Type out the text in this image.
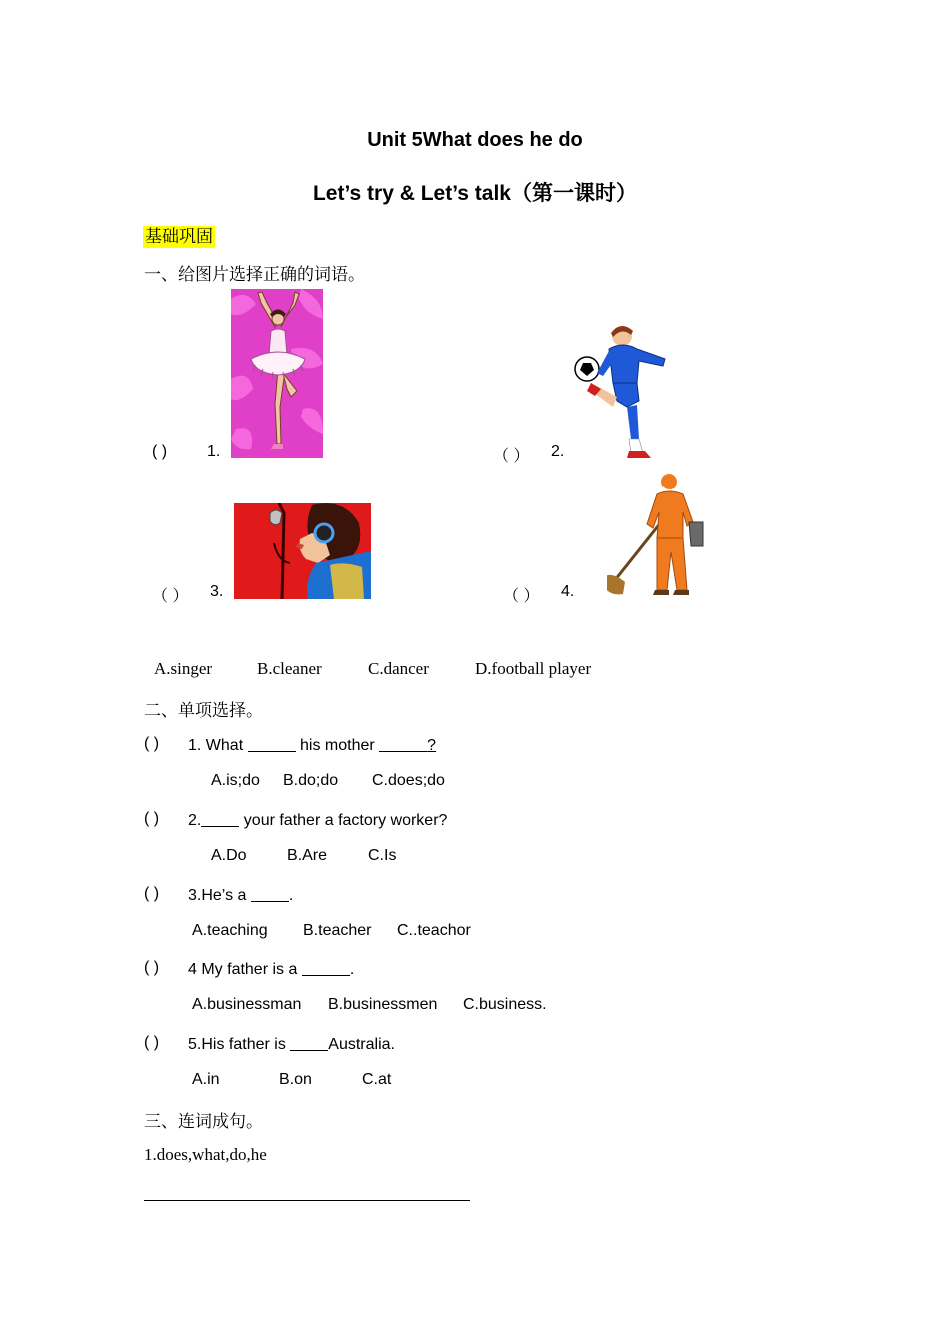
Unit 5What does he do
Let’s try & Let’s talk（第一课时）
基础巩固
一、给图片选择正确的词语。
( ) 1.	（ ） 2.
（ ） 3.	（ ） 4.
A.singer	B.cleaner	C.dancer	D.football player
二、单项选择。
( ) 1. What	his mother	?
A.is;do B.do;do C.does;do
( ) 2. your father a factory worker?
A.Do	B.Are	C.Is
( ) 3.He’s a .
A.teaching B.teacher C..teachor
( ) 4 My father is a	.
A.businessman B.businessmen C.business.
( ) 5.His father is Australia.
A.in	B.on	C.at
三、连词成句。
1.does,what,do,he
